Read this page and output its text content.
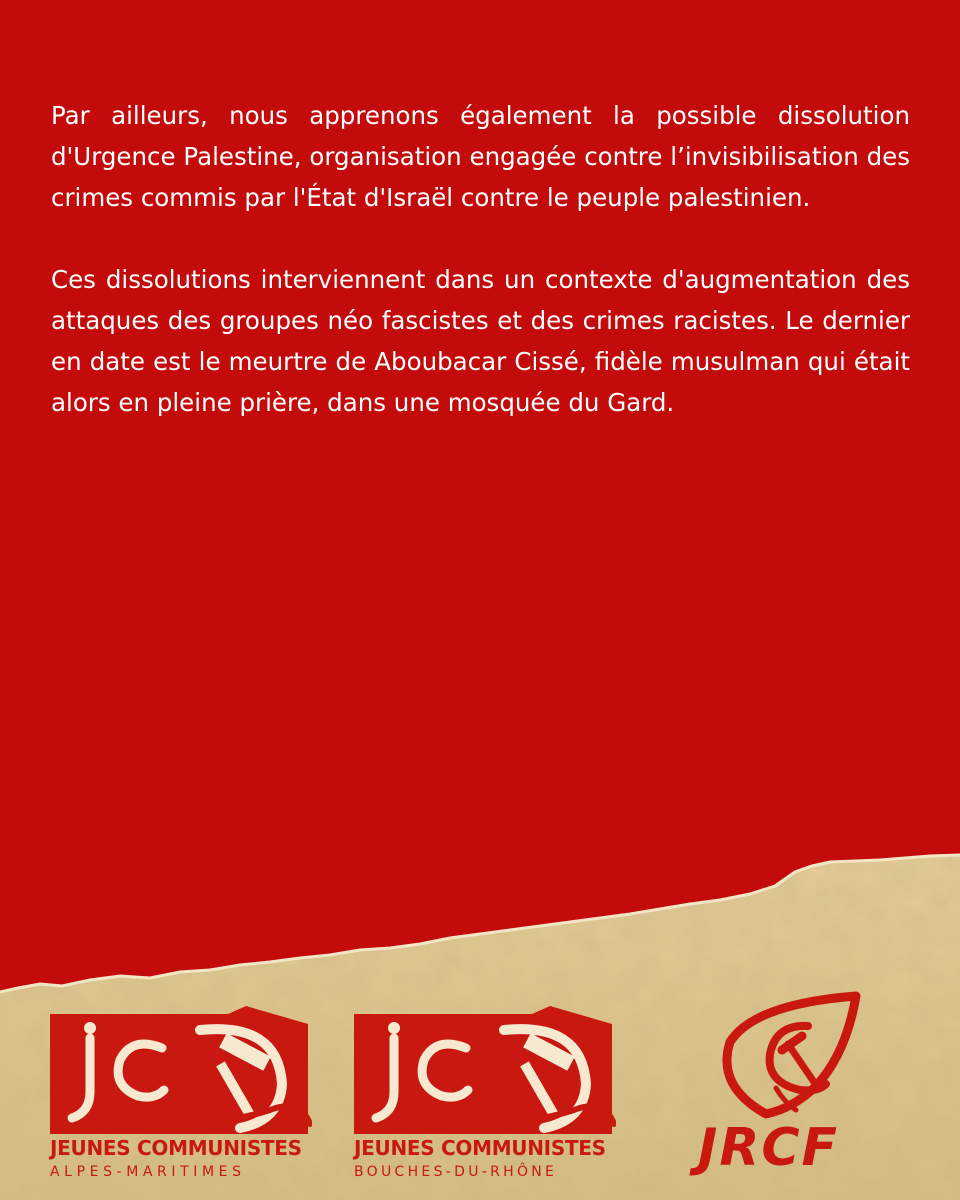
Par ailleurs, nous apprenons également la possible dissolution d'Urgence Palestine, organisation engagée contre l’invisibilisation des crimes commis par l'État d'Israël contre le peuple palestinien.

Ces dissolutions interviennent dans un contexte d'augmentation des attaques des groupes néo fascistes et des crimes racistes. Le dernier en date est le meurtre de Aboubacar Cissé, fidèle musulman qui était alors en pleine prière, dans une mosquée du Gard.

JEUNES COMMUNISTES
ALPES-MARITIMES
JEUNES COMMUNISTES
BOUCHES-DU-RHÔNE	JRCF
